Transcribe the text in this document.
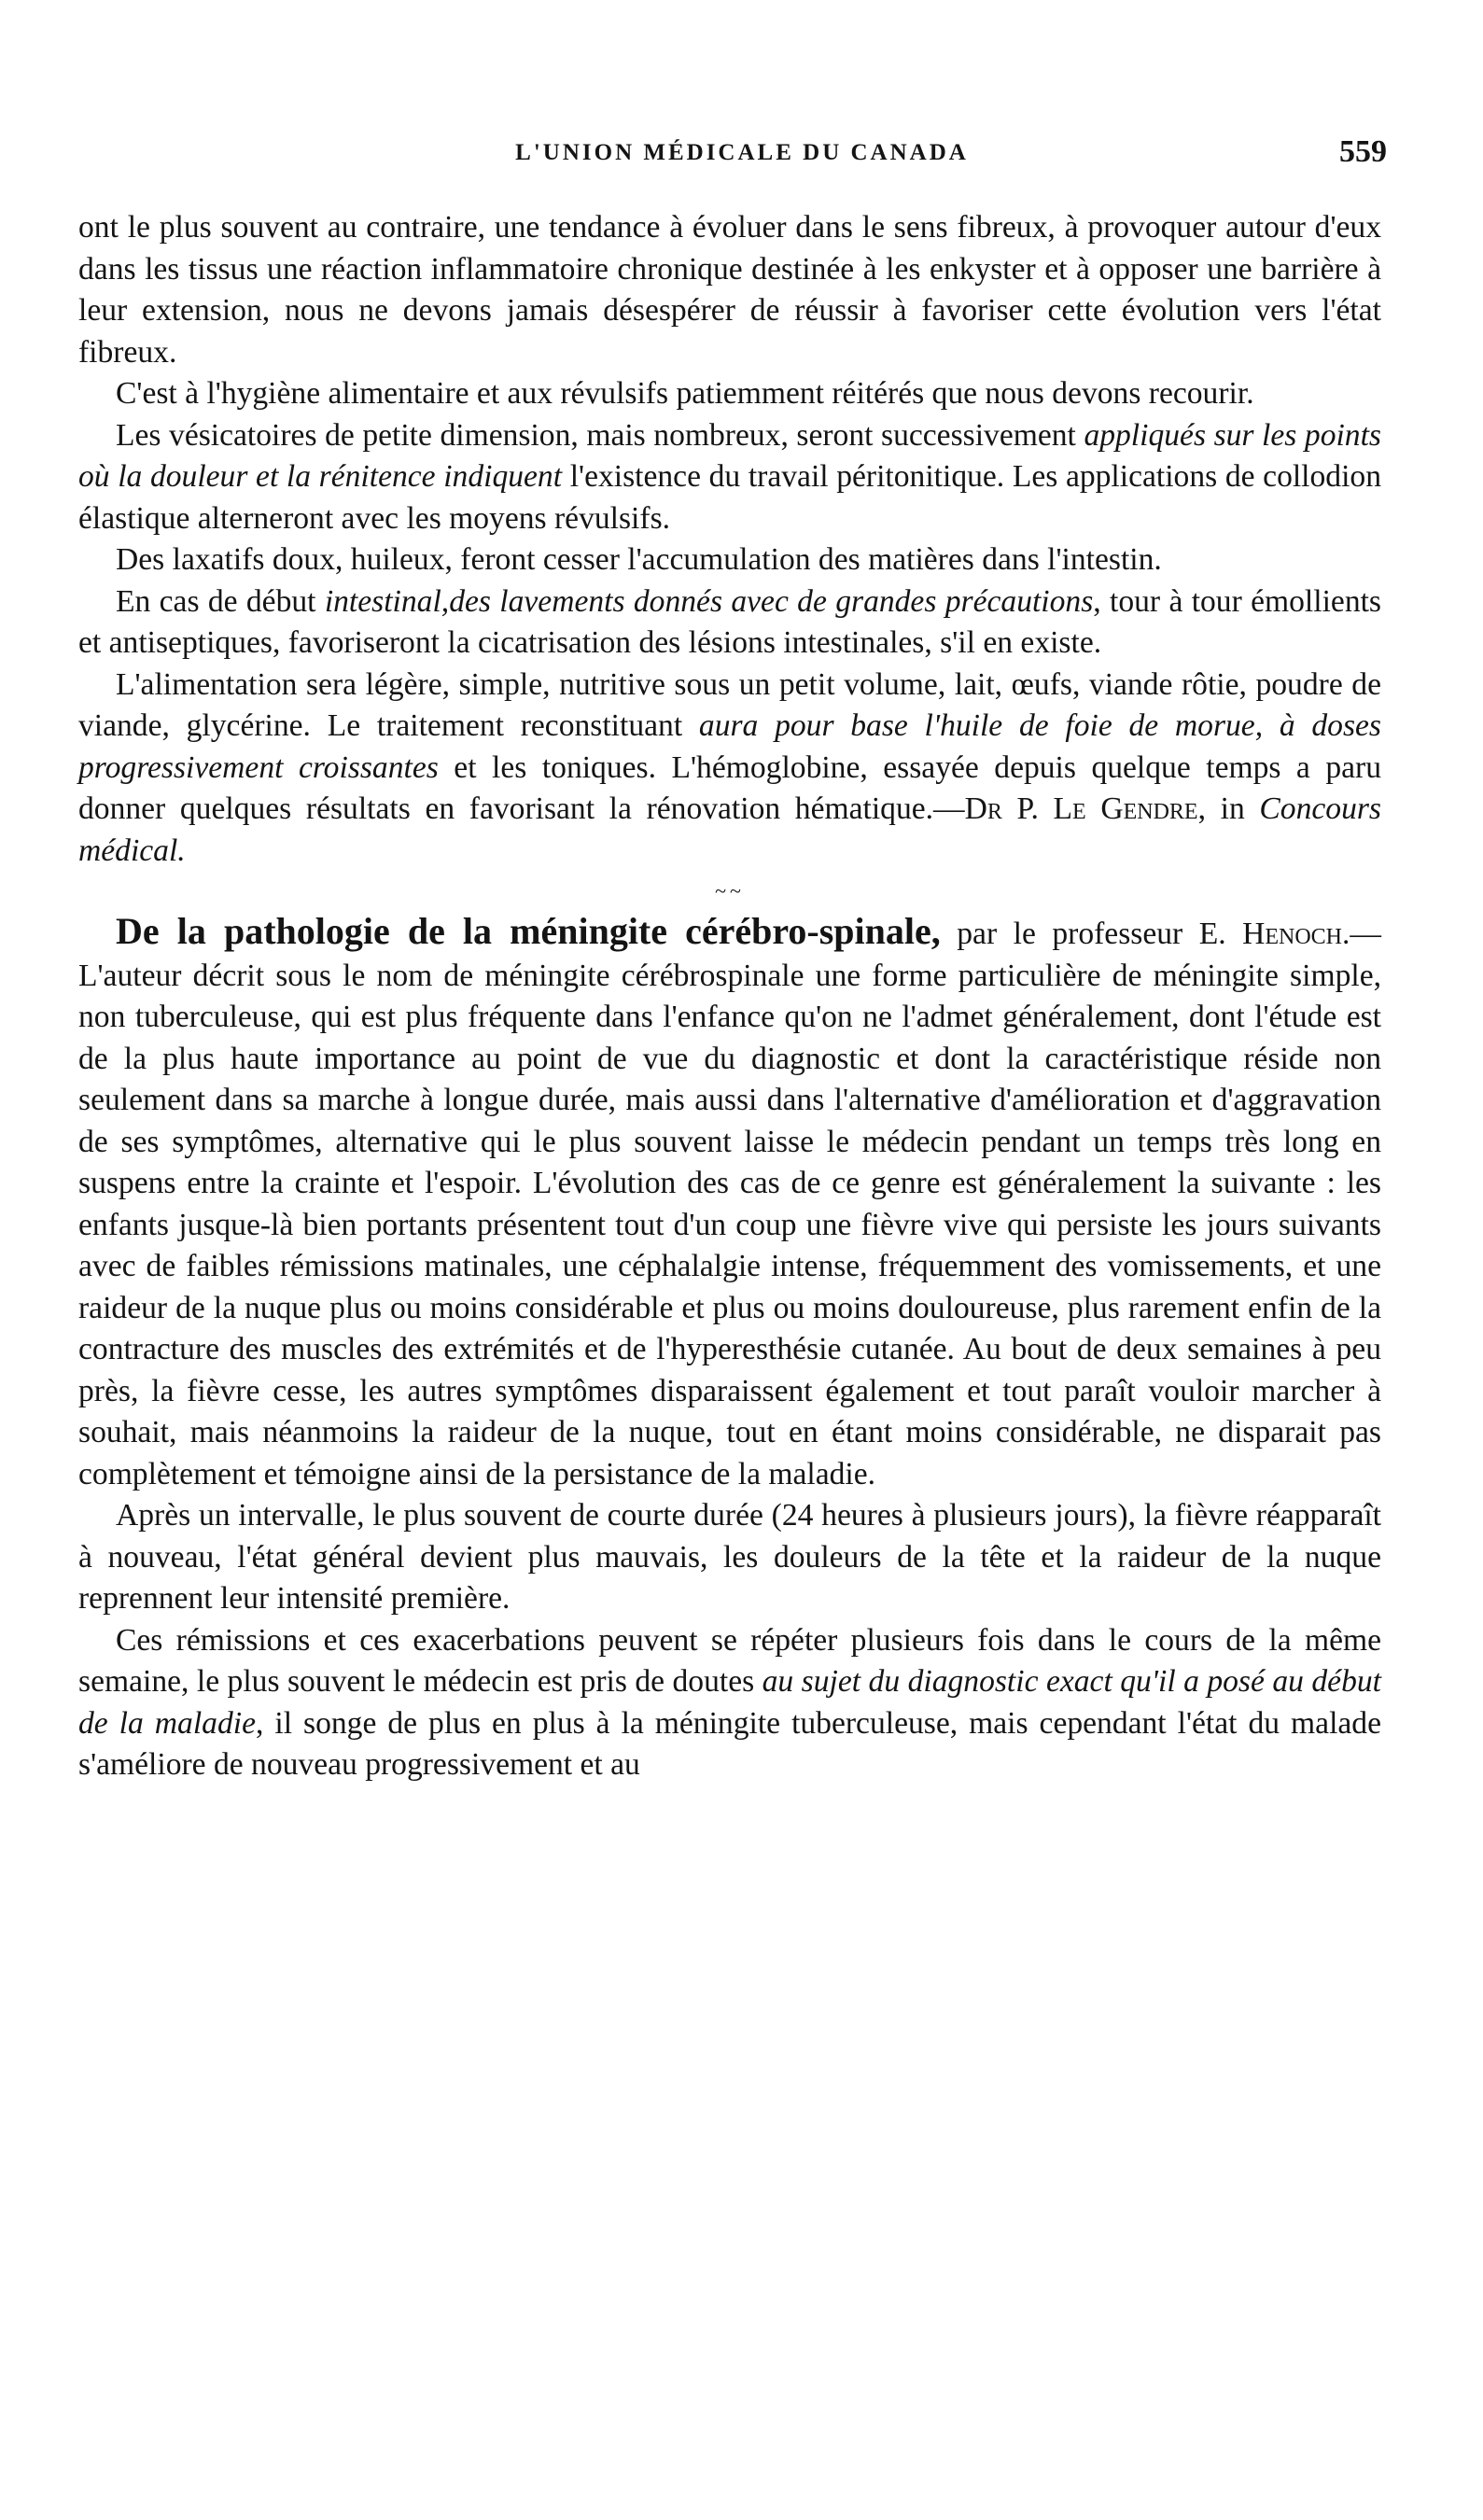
L'UNION MÉDICALE DU CANADA	559

ont le plus souvent au contraire, une tendance à évoluer dans le sens fibreux, à provoquer autour d'eux dans les tissus une réaction inflammatoire chronique destinée à les enkyster et à opposer une barrière à leur extension, nous ne devons jamais désespérer de réussir à favoriser cette évolution vers l'état fibreux.

C'est à l'hygiène alimentaire et aux révulsifs patiemment réitérés que nous devons recourir.

Les vésicatoires de petite dimension, mais nombreux, seront successivement appliqués sur les points où la douleur et la rénitence indiquent l'existence du travail péritonitique. Les applications de collodion élastique alterneront avec les moyens révulsifs.

Des laxatifs doux, huileux, feront cesser l'accumulation des matières dans l'intestin.

En cas de début intestinal,des lavements donnés avec de grandes précautions, tour à tour émollients et antiseptiques, favoriseront la cicatrisation des lésions intestinales, s'il en existe.

L'alimentation sera légère, simple, nutritive sous un petit volume, lait, œufs, viande rôtie, poudre de viande, glycérine. Le traitement reconstituant aura pour base l'huile de foie de morue, à doses progressivement croissantes et les toniques. L'hémoglobine, essayée depuis quelque temps a paru donner quelques résultats en favorisant la rénovation hématique.—Dr P. Le Gendre, in Concours médical.

~~

De la pathologie de la méningite cérébro-spinale, par le professeur E. Henoch.—L'auteur décrit sous le nom de méningite cérébrospinale une forme particulière de méningite simple, non tuberculeuse, qui est plus fréquente dans l'enfance qu'on ne l'admet généralement, dont l'étude est de la plus haute importance au point de vue du diagnostic et dont la caractéristique réside non seulement dans sa marche à longue durée, mais aussi dans l'alternative d'amélioration et d'aggravation de ses symptômes, alternative qui le plus souvent laisse le médecin pendant un temps très long en suspens entre la crainte et l'espoir. L'évolution des cas de ce genre est généralement la suivante : les enfants jusque-là bien portants présentent tout d'un coup une fièvre vive qui persiste les jours suivants avec de faibles rémissions matinales, une céphalalgie intense, fréquemment des vomissements, et une raideur de la nuque plus ou moins considérable et plus ou moins douloureuse, plus rarement enfin de la contracture des muscles des extrémités et de l'hyperesthésie cutanée. Au bout de deux semaines à peu près, la fièvre cesse, les autres symptômes disparaissent également et tout paraît vouloir marcher à souhait, mais néanmoins la raideur de la nuque, tout en étant moins considérable, ne disparait pas complètement et témoigne ainsi de la persistance de la maladie.

Après un intervalle, le plus souvent de courte durée (24 heures à plusieurs jours), la fièvre réapparaît à nouveau, l'état général devient plus mauvais, les douleurs de la tête et la raideur de la nuque reprennent leur intensité première.

Ces rémissions et ces exacerbations peuvent se répéter plusieurs fois dans le cours de la même semaine, le plus souvent le médecin est pris de doutes au sujet du diagnostic exact qu'il a posé au début de la maladie, il songe de plus en plus à la méningite tuberculeuse, mais cependant l'état du malade s'améliore de nouveau progressivement et au
